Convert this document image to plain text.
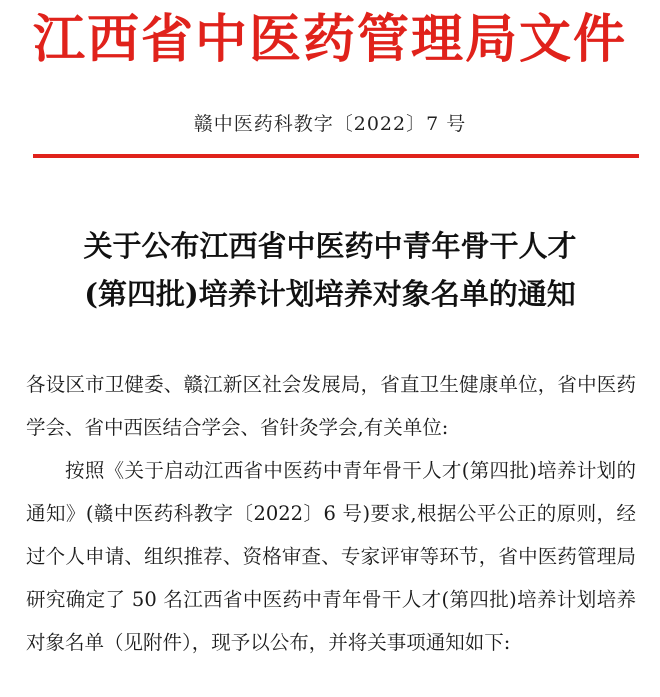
江西省中医药管理局文件
赣中医药科教字〔2022〕7 号
关于公布江西省中医药中青年骨干人才
(第四批)培养计划培养对象名单的通知

各设区市卫健委、赣江新区社会发展局，省直卫生健康单位，省中医药学会、省中西医结合学会、省针灸学会,有关单位:

按照《关于启动江西省中医药中青年骨干人才(第四批)培养计划的通知》(赣中医药科教字〔2022〕6 号)要求,根据公平公正的原则，经过个人申请、组织推荐、资格审查、专家评审等环节，省中医药管理局研究确定了 50 名江西省中医药中青年骨干人才(第四批)培养计划培养对象名单（见附件），现予以公布，并将关事项通知如下:
